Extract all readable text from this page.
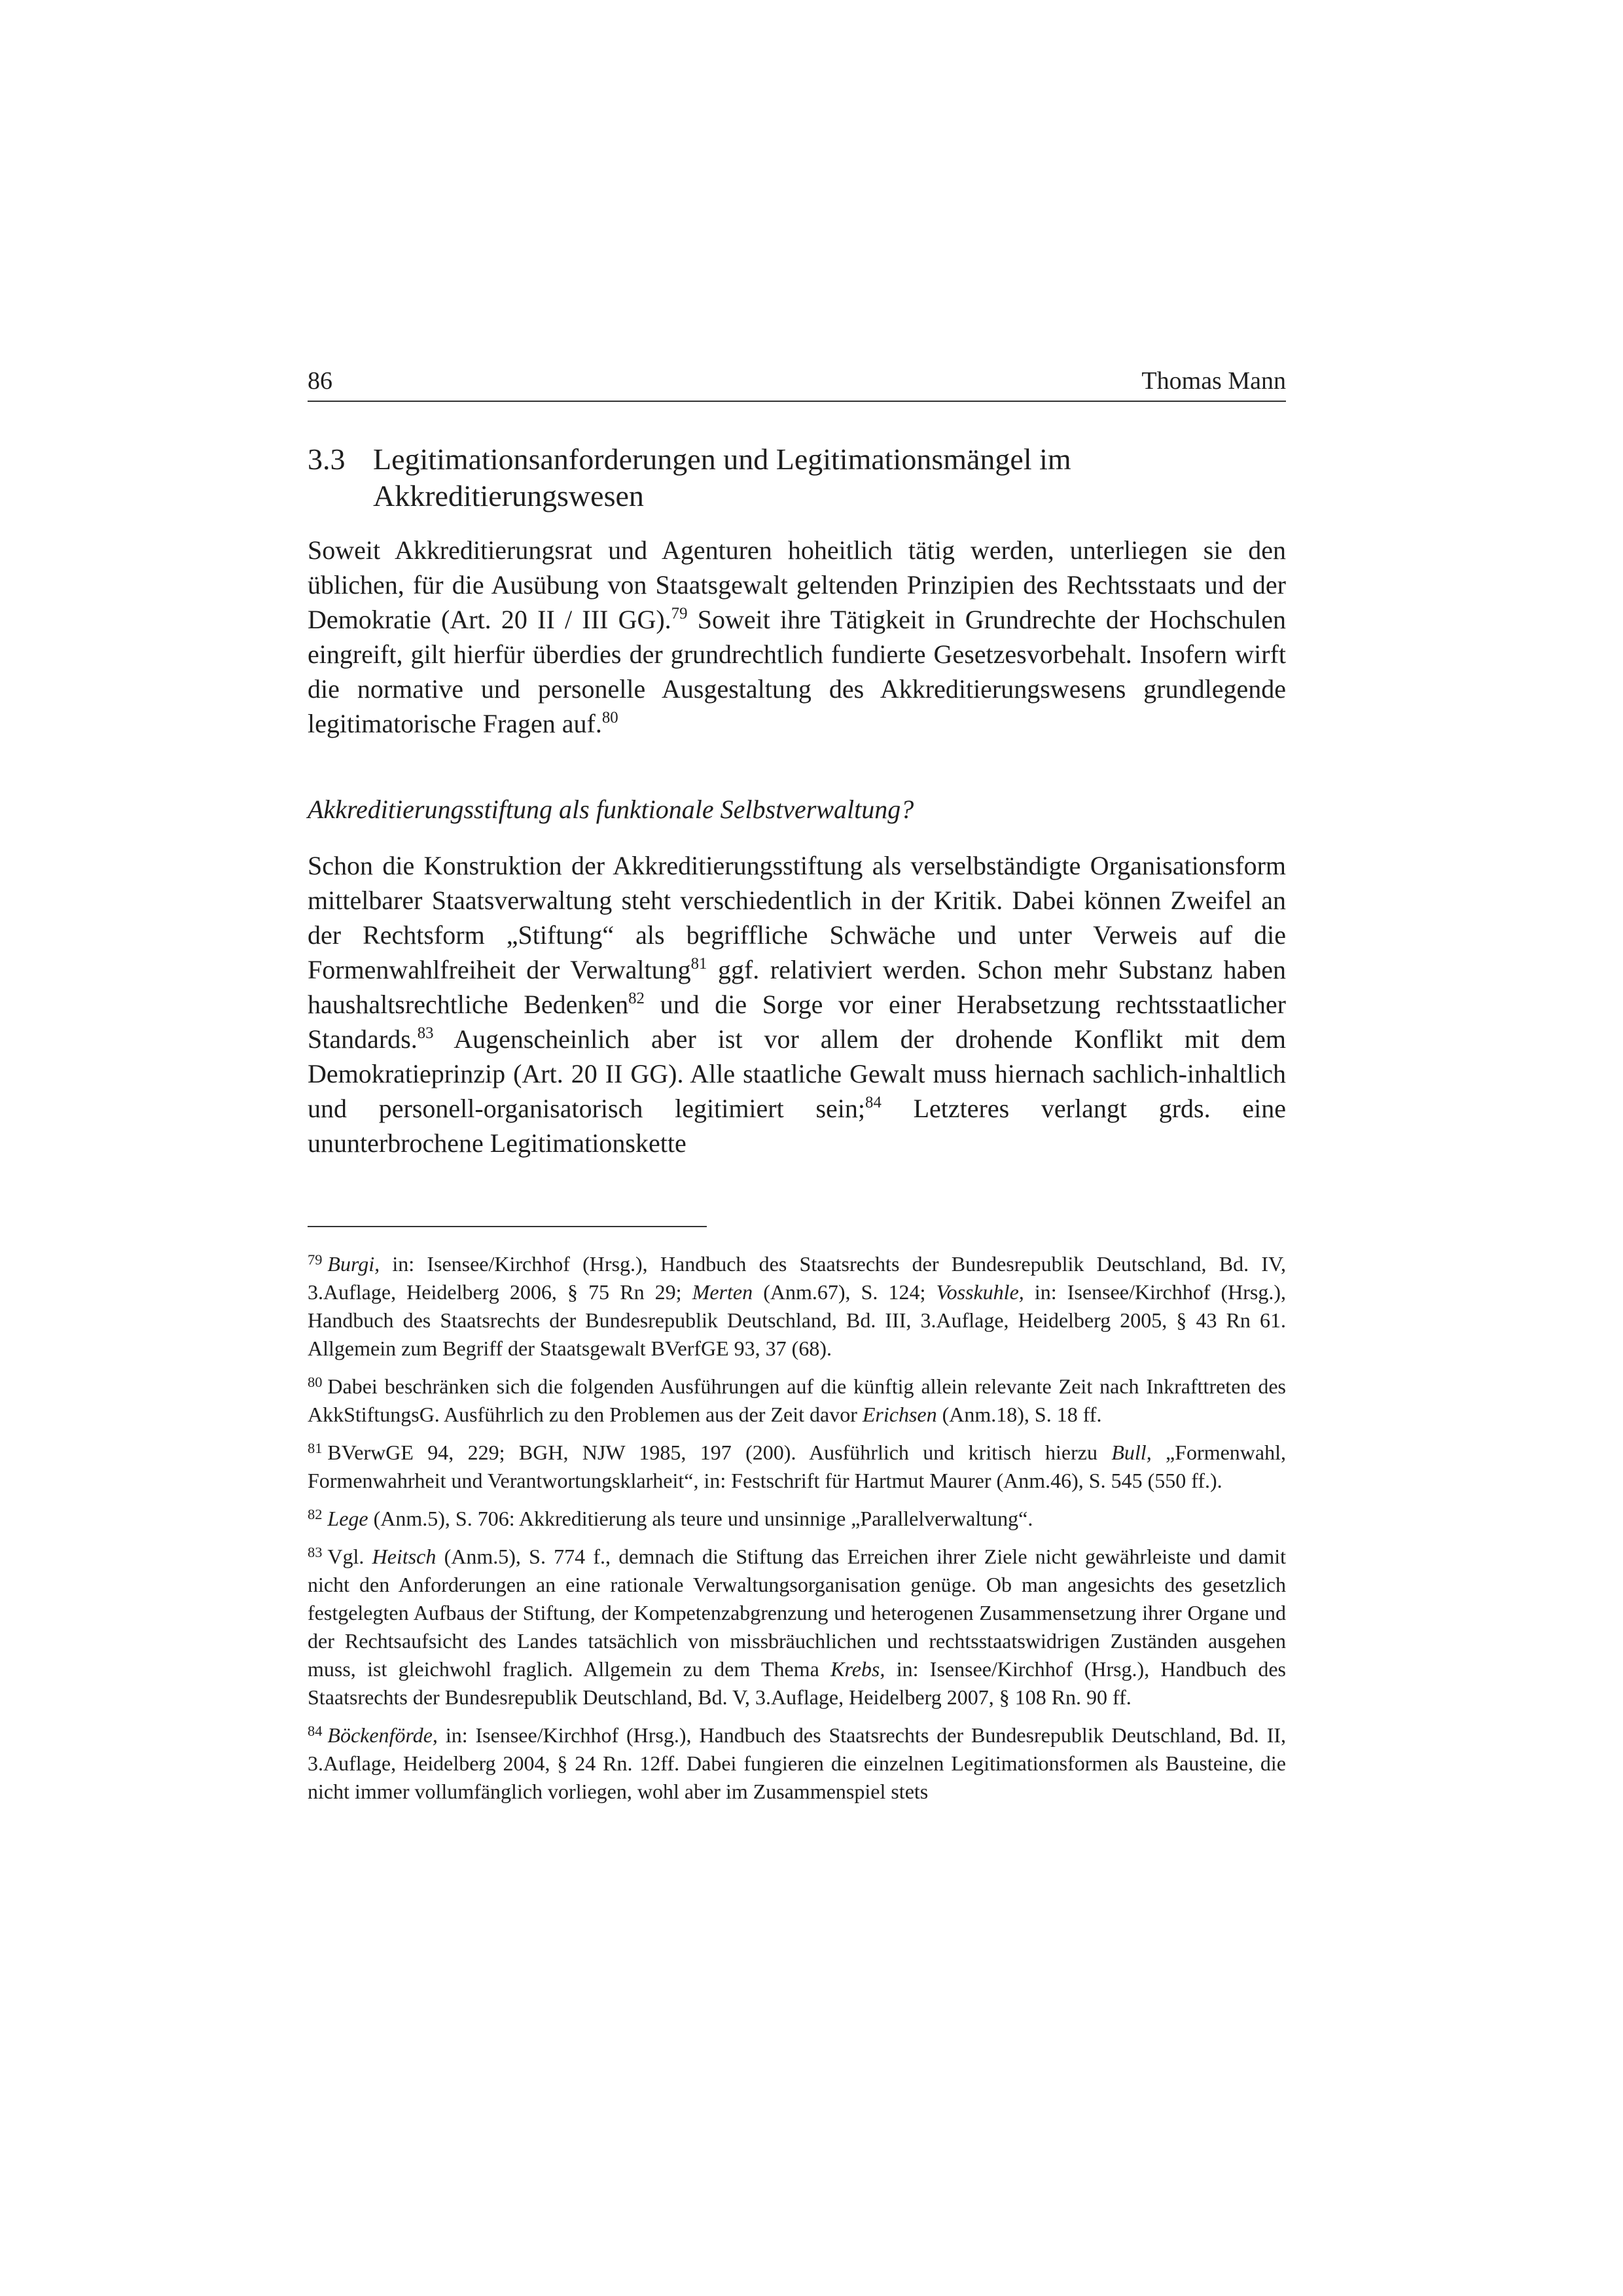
86	Thomas Mann
3.3 Legitimationsanforderungen und Legitimationsmängel im Akkreditierungswesen

Soweit Akkreditierungsrat und Agenturen hoheitlich tätig werden, unterliegen sie den üblichen, für die Ausübung von Staatsgewalt geltenden Prinzipien des Rechtsstaats und der Demokratie (Art. 20 II / III GG).$^{79}$ Soweit ihre Tätigkeit in Grundrechte der Hochschulen eingreift, gilt hierfür überdies der grundrechtlich fundierte Gesetzesvorbehalt. Insofern wirft die normative und personelle Ausgestaltung des Akkreditierungswesens grundlegende legitimatorische Fragen auf.$^{80}$

Akkreditierungsstiftung als funktionale Selbstverwaltung?

Schon die Konstruktion der Akkreditierungsstiftung als verselbständigte Organisationsform mittelbarer Staatsverwaltung steht verschiedentlich in der Kritik. Dabei können Zweifel an der Rechtsform „Stiftung“ als begriffliche Schwäche und unter Verweis auf die Formenwahlfreiheit der Verwaltung$^{81}$ ggf. relativiert werden. Schon mehr Substanz haben haushaltsrechtliche Bedenken$^{82}$ und die Sorge vor einer Herabsetzung rechtsstaatlicher Standards.$^{83}$ Augenscheinlich aber ist vor allem der drohende Konflikt mit dem Demokratieprinzip (Art. 20 II GG). Alle staatliche Gewalt muss hiernach sachlich-inhaltlich und personell-organisatorisch legitimiert sein;$^{84}$ Letzteres verlangt grds. eine ununterbrochene Legitimationskette

$^{79}$ Burgi, in: Isensee/Kirchhof (Hrsg.), Handbuch des Staatsrechts der Bundesrepublik Deutschland, Bd. IV, 3.Auflage, Heidelberg 2006, § 75 Rn 29; Merten (Anm.67), S. 124; Vosskuhle, in: Isensee/Kirchhof (Hrsg.), Handbuch des Staatsrechts der Bundesrepublik Deutschland, Bd. III, 3.Auflage, Heidelberg 2005, § 43 Rn 61. Allgemein zum Begriff der Staatsgewalt BVerfGE 93, 37 (68).
$^{80}$ Dabei beschränken sich die folgenden Ausführungen auf die künftig allein relevante Zeit nach Inkrafttreten des AkkStiftungsG. Ausführlich zu den Problemen aus der Zeit davor Erichsen (Anm.18), S. 18 ff.
$^{81}$ BVerwGE 94, 229; BGH, NJW 1985, 197 (200). Ausführlich und kritisch hierzu Bull, „Formenwahl, Formenwahrheit und Verantwortungsklarheit“, in: Festschrift für Hartmut Maurer (Anm.46), S. 545 (550 ff.).
$^{82}$ Lege (Anm.5), S. 706: Akkreditierung als teure und unsinnige „Parallelverwaltung“.
$^{83}$ Vgl. Heitsch (Anm.5), S. 774 f., demnach die Stiftung das Erreichen ihrer Ziele nicht gewährleiste und damit nicht den Anforderungen an eine rationale Verwaltungsorganisation genüge. Ob man angesichts des gesetzlich festgelegten Aufbaus der Stiftung, der Kompetenzabgrenzung und heterogenen Zusammensetzung ihrer Organe und der Rechtsaufsicht des Landes tatsächlich von missbräuchlichen und rechtsstaatswidrigen Zuständen ausgehen muss, ist gleichwohl fraglich. Allgemein zu dem Thema Krebs, in: Isensee/Kirchhof (Hrsg.), Handbuch des Staatsrechts der Bundesrepublik Deutschland, Bd. V, 3.Auflage, Heidelberg 2007, § 108 Rn. 90 ff.
$^{84}$ Böckenförde, in: Isensee/Kirchhof (Hrsg.), Handbuch des Staatsrechts der Bundesrepublik Deutschland, Bd. II, 3.Auflage, Heidelberg 2004, § 24 Rn. 12ff. Dabei fungieren die einzelnen Legitimationsformen als Bausteine, die nicht immer vollumfänglich vorliegen, wohl aber im Zusammenspiel stets
